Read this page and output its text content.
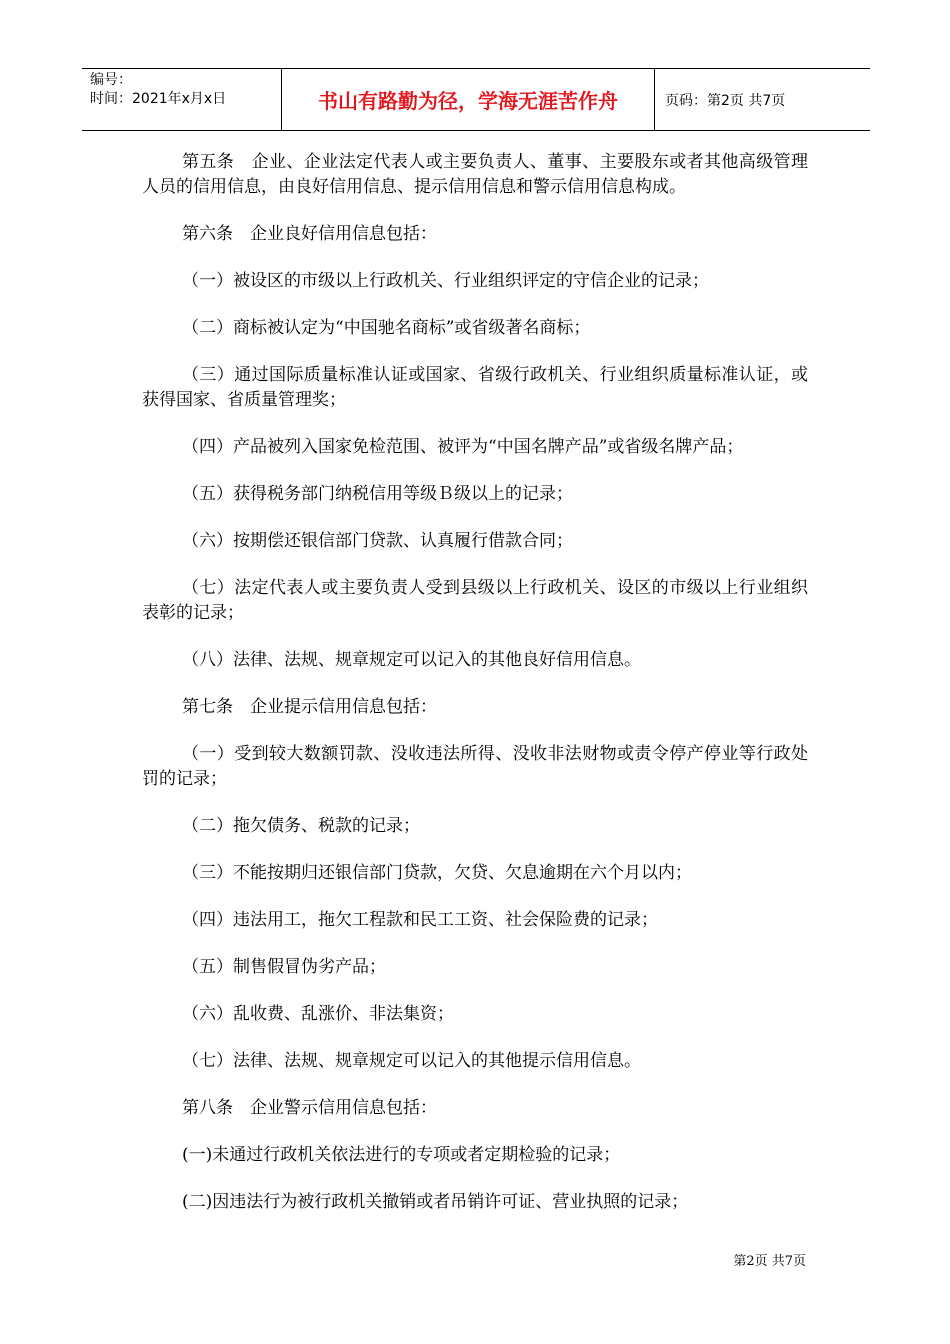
编号：
时间：2021年x月x日	书山有路勤为径，学海无涯苦作舟	页码：第2页 共7页

第五条　企业、企业法定代表人或主要负责人、董事、主要股东或者其他高级管理人员的信用信息，由良好信用信息、提示信用信息和警示信用信息构成。

第六条　企业良好信用信息包括：

（一）被设区的市级以上行政机关、行业组织评定的守信企业的记录；

（二）商标被认定为“中国驰名商标”或省级著名商标；

（三）通过国际质量标准认证或国家、省级行政机关、行业组织质量标准认证，或获得国家、省质量管理奖；

（四）产品被列入国家免检范围、被评为“中国名牌产品”或省级名牌产品；

（五）获得税务部门纳税信用等级Ｂ级以上的记录；

（六）按期偿还银信部门贷款、认真履行借款合同；

（七）法定代表人或主要负责人受到县级以上行政机关、设区的市级以上行业组织表彰的记录；

（八）法律、法规、规章规定可以记入的其他良好信用信息。

第七条　企业提示信用信息包括：

（一）受到较大数额罚款、没收违法所得、没收非法财物或责令停产停业等行政处罚的记录；

（二）拖欠债务、税款的记录；

（三）不能按期归还银信部门贷款，欠贷、欠息逾期在六个月以内；

（四）违法用工，拖欠工程款和民工工资、社会保险费的记录；

（五）制售假冒伪劣产品；

（六）乱收费、乱涨价、非法集资；

（七）法律、法规、规章规定可以记入的其他提示信用信息。

第八条　企业警示信用信息包括：

(一)未通过行政机关依法进行的专项或者定期检验的记录；

(二)因违法行为被行政机关撤销或者吊销许可证、营业执照的记录；

第2页 共7页
